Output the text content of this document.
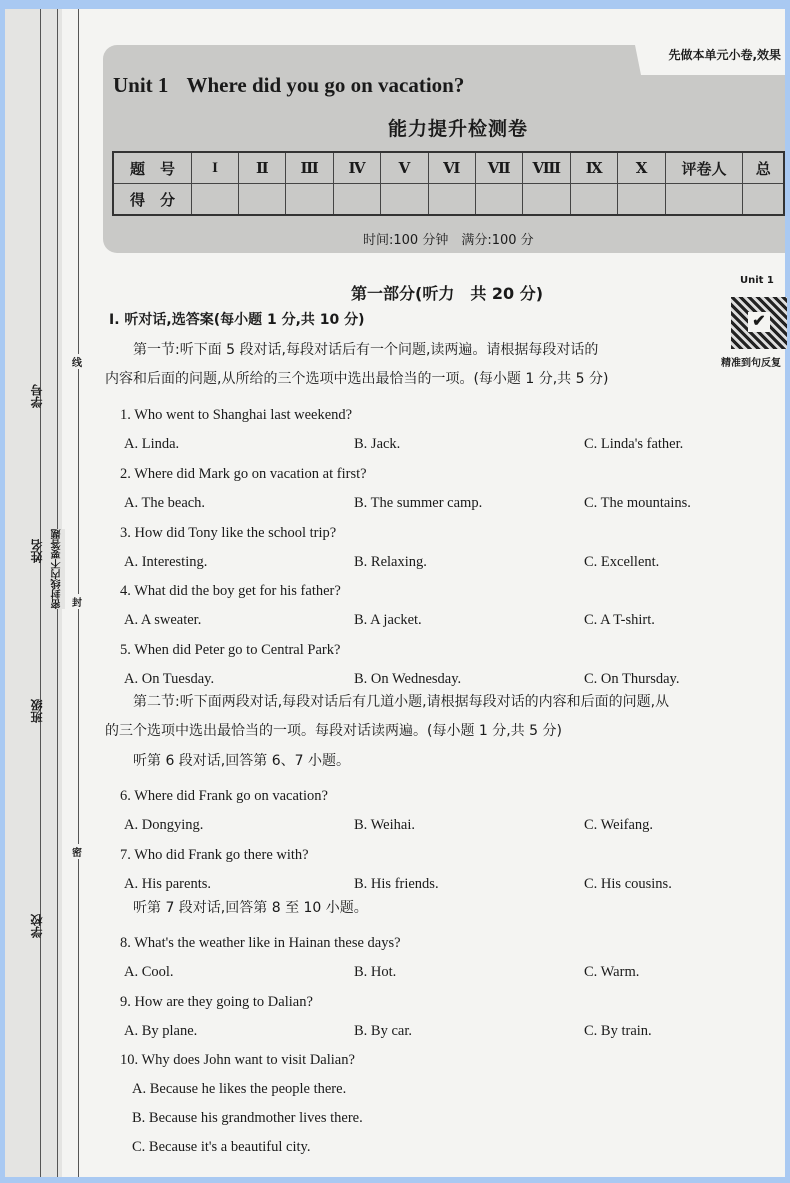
学号
姓名
班级
学校
密封线内不要答题
线
封
密
先做本单元小卷,效果
Unit 1 Where did you go on vacation?
能力提升检测卷
题　号	I	Ⅱ	Ⅲ	Ⅳ	Ⅴ	Ⅵ	Ⅶ	Ⅷ	Ⅸ	Ⅹ	评卷人	总
得　分												
时间:100 分钟　满分:100 分
第一部分(听力　共 20 分)
Unit 1
✔
精准到句反复
Ⅰ. 听对话,选答案(每小题 1 分,共 10 分)
第一节:听下面 5 段对话,每段对话后有一个问题,读两遍。请根据每段对话的
内容和后面的问题,从所给的三个选项中选出最恰当的一项。(每小题 1 分,共 5 分)
第二节:听下面两段对话,每段对话后有几道小题,请根据每段对话的内容和后面的问题,从
的三个选项中选出最恰当的一项。每段对话读两遍。(每小题 1 分,共 5 分)
听第 6 段对话,回答第 6、7 小题。
听第 7 段对话,回答第 8 至 10 小题。
1. Who went to Shanghai last weekend?
A. Linda.	B. Jack.	C. Linda's father.
2. Where did Mark go on vacation at first?
A. The beach.	B. The summer camp.	C. The mountains.
3. How did Tony like the school trip?
A. Interesting.	B. Relaxing.	C. Excellent.
4. What did the boy get for his father?
A. A sweater.	B. A jacket.	C. A T-shirt.
5. When did Peter go to Central Park?
A. On Tuesday.	B. On Wednesday.	C. On Thursday.
6. Where did Frank go on vacation?
A. Dongying.	B. Weihai.	C. Weifang.
7. Who did Frank go there with?
A. His parents.	B. His friends.	C. His cousins.
8. What's the weather like in Hainan these days?
A. Cool.	B. Hot.	C. Warm.
9. How are they going to Dalian?
A. By plane.	B. By car.	C. By train.
10. Why does John want to visit Dalian?
A. Because he likes the people there.
B. Because his grandmother lives there.
C. Because it's a beautiful city.
